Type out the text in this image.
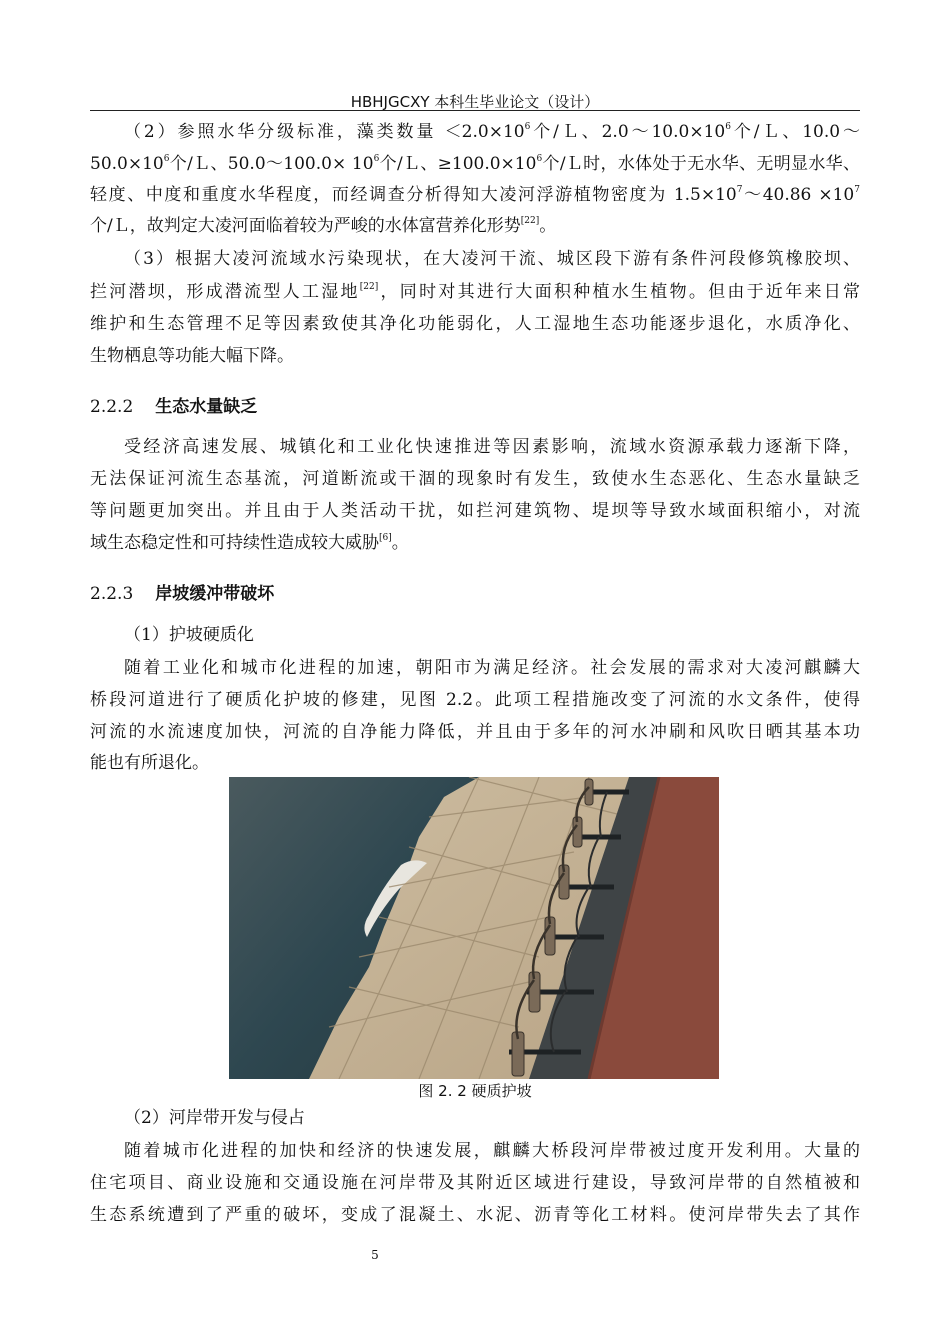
HBHJGCXY 本科生毕业论文（设计）
（2）参照水华分级标准，藻类数量 $<2.0\times 10^6$个/Ｌ、$2.0\sim 10.0\times 10^6$个/Ｌ、10.0～
$50.0\times 10^6$个/Ｌ、50.0～100.0× $10^6$个/Ｌ、$\ge 100.0\times 10^6$个/Ｌ时，水体处于无水华、无明显水华、
轻度、中度和重度水华程度，而经调查分析得知大凌河浮游植物密度为 $1.5\times 10^7\sim 40.86 \times 10^7$
个/Ｌ，故判定大凌河面临着较为严峻的水体富营养化形势[22]。
（3）根据大凌河流域水污染现状，在大凌河干流、城区段下游有条件河段修筑橡胶坝、
拦河潜坝，形成潜流型人工湿地[22]，同时对其进行大面积种植水生植物。但由于近年来日常
维护和生态管理不足等因素致使其净化功能弱化，人工湿地生态功能逐步退化，水质净化、
生物栖息等功能大幅下降。
2.2.2 生态水量缺乏
受经济高速发展、城镇化和工业化快速推进等因素影响，流域水资源承载力逐渐下降，
无法保证河流生态基流，河道断流或干涸的现象时有发生，致使水生态恶化、生态水量缺乏
等问题更加突出。并且由于人类活动干扰，如拦河建筑物、堤坝等导致水域面积缩小，对流
域生态稳定性和可持续性造成较大威胁[6]。
2.2.3 岸坡缓冲带破坏
（1）护坡硬质化
随着工业化和城市化进程的加速，朝阳市为满足经济。社会发展的需求对大凌河麒麟大
桥段河道进行了硬质化护坡的修建，见图 2.2。此项工程措施改变了河流的水文条件，使得
河流的水流速度加快，河流的自净能力降低，并且由于多年的河水冲刷和风吹日晒其基本功
能也有所退化。
图 2. 2 硬质护坡
（2）河岸带开发与侵占
随着城市化进程的加快和经济的快速发展，麒麟大桥段河岸带被过度开发利用。大量的
住宅项目、商业设施和交通设施在河岸带及其附近区域进行建设，导致河岸带的自然植被和
生态系统遭到了严重的破坏，变成了混凝土、水泥、沥青等化工材料。使河岸带失去了其作
5
